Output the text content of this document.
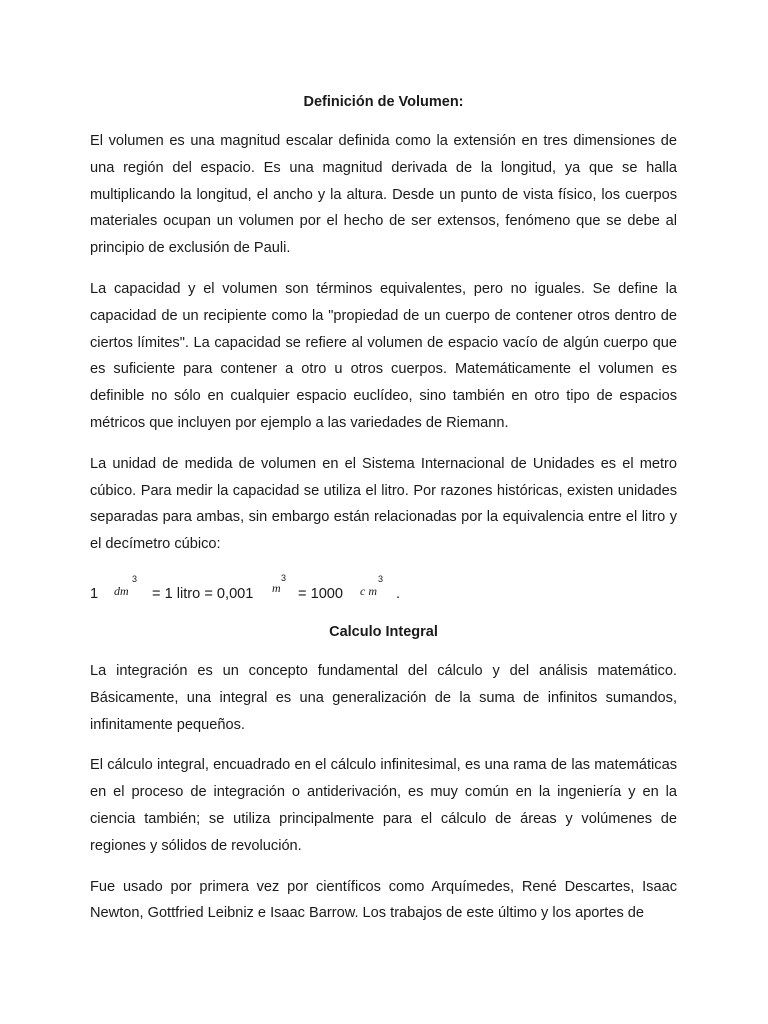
Definición de Volumen:

El volumen es una magnitud escalar definida como la extensión en tres dimensiones de una región del espacio. Es una magnitud derivada de la longitud, ya que se halla multiplicando la longitud, el ancho y la altura. Desde un punto de vista físico, los cuerpos materiales ocupan un volumen por el hecho de ser extensos, fenómeno que se debe al principio de exclusión de Pauli.

La capacidad y el volumen son términos equivalentes, pero no iguales. Se define la capacidad de un recipiente como la "propiedad de un cuerpo de contener otros dentro de ciertos límites". La capacidad se refiere al volumen de espacio vacío de algún cuerpo que es suficiente para contener a otro u otros cuerpos. Matemáticamente el volumen es definible no sólo en cualquier espacio euclídeo, sino también en otro tipo de espacios métricos que incluyen por ejemplo a las variedades de Riemann.

La unidad de medida de volumen en el Sistema Internacional de Unidades es el metro cúbico. Para medir la capacidad se utiliza el litro. Por razones históricas, existen unidades separadas para ambas, sin embargo están relacionadas por la equivalencia entre el litro y el decímetro cúbico:

1 dm
3
= 1 litro = 0,001 m
3
= 1000 c m
3
.
Calculo Integral

La integración es un concepto fundamental del cálculo y del análisis matemático. Básicamente, una integral es una generalización de la suma de infinitos sumandos, infinitamente pequeños.

El cálculo integral, encuadrado en el cálculo infinitesimal, es una rama de las matemáticas en el proceso de integración o antiderivación, es muy común en la ingeniería y en la ciencia también; se utiliza principalmente para el cálculo de áreas y volúmenes de regiones y sólidos de revolución.

Fue usado por primera vez por científicos como Arquímedes, René Descartes, Isaac Newton, Gottfried Leibniz e Isaac Barrow. Los trabajos de este último y los aportes de
